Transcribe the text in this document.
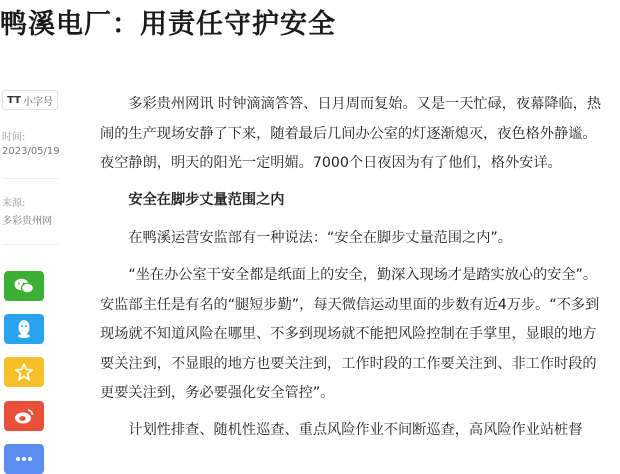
鸭溪电厂：用责任守护安全
TT 小字号
时间:
2023/05/19
来源:
多彩贵州网

多彩贵州网讯 时钟滴滴答答、日月周而复始。又是一天忙碌，夜幕降临，热闹的生产现场安静了下来，随着最后几间办公室的灯逐渐熄灭，夜色格外静谧。夜空静朗，明天的阳光一定明媚。7000个日夜因为有了他们，格外安详。

安全在脚步丈量范围之内

在鸭溪运营安监部有一种说法：“安全在脚步丈量范围之内”。

“坐在办公室干安全都是纸面上的安全，勤深入现场才是踏实放心的安全”。安监部主任是有名的“腿短步勤”，每天微信运动里面的步数有近4万步。“不多到现场就不知道风险在哪里、不多到现场就不能把风险控制在手掌里，显眼的地方要关注到，不显眼的地方也要关注到，工作时段的工作要关注到、非工作时段的更要关注到，务必要强化安全管控”。

计划性排查、随机性巡查、重点风险作业不间断巡查，高风险作业站桩督
